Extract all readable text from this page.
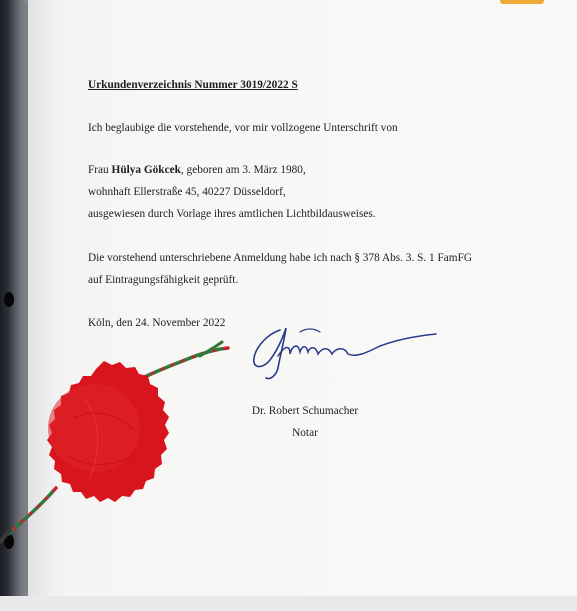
Urkundenverzeichnis Nummer 3019/2022 S
Ich beglaubige die vorstehende, vor mir vollzogene Unterschrift von
Frau Hülya Gökcek, geboren am 3. März 1980,
wohnhaft Ellerstraße 45, 40227 Düsseldorf,
ausgewiesen durch Vorlage ihres amtlichen Lichtbildausweises.
Die vorstehend unterschriebene Anmeldung habe ich nach § 378 Abs. 3. S. 1 FamFG
auf Eintragungsfähigkeit geprüft.
Köln, den 24. November 2022
Dr. Robert Schumacher
Notar
